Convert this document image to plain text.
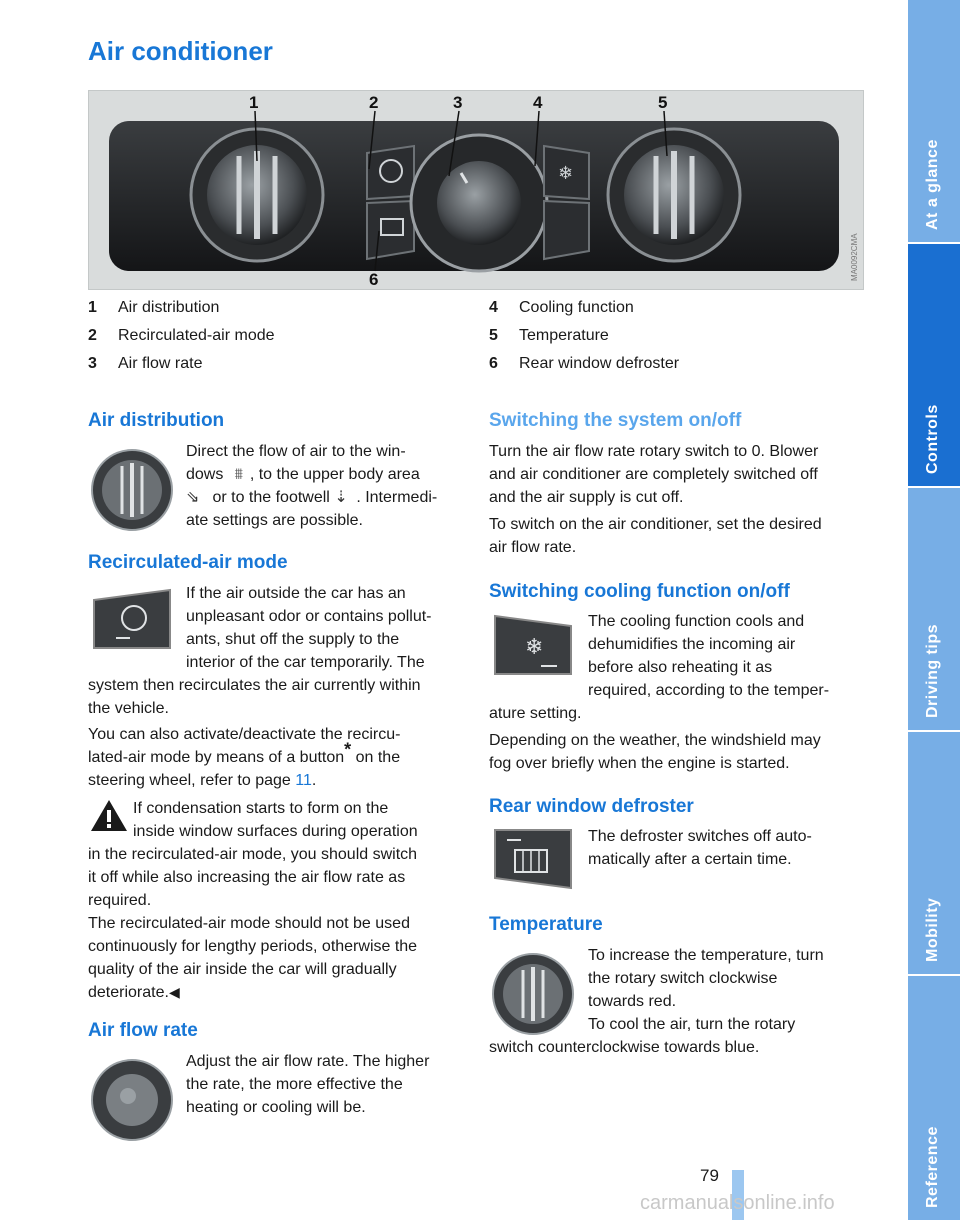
Air conditioner
❄
1	2	3	4	5
6	MA0092CMA
1 Air distribution
2 Recirculated-air mode
3 Air flow rate
4 Cooling function
5 Temperature
6 Rear window defroster
Air distribution

Direct the flow of air to the win-

dows ⩩ , to the upper body area

⇘ or to the footwell ⇣ . Intermedi-

ate settings are possible.

Recirculated-air mode

If the air outside the car has an

unpleasant odor or contains pollut-

ants, shut off the supply to the

interior of the car temporarily. The

system then recirculates the air currently within

the vehicle.

You can also activate/deactivate the recircu-

lated-air mode by means of a button* on the

steering wheel, refer to page 11.

If condensation starts to form on the

inside window surfaces during operation

in the recirculated-air mode, you should switch

it off while also increasing the air flow rate as

required.

The recirculated-air mode should not be used

continuously for lengthy periods, otherwise the

quality of the air inside the car will gradually

deteriorate.◀

Air flow rate

Adjust the air flow rate. The higher

the rate, the more effective the

heating or cooling will be.

Switching the system on/off

Turn the air flow rate rotary switch to 0. Blower

and air conditioner are completely switched off

and the air supply is cut off.

To switch on the air conditioner, set the desired

air flow rate.

Switching cooling function on/off
❄

The cooling function cools and

dehumidifies the incoming air

before also reheating it as

required, according to the temper-

ature setting.

Depending on the weather, the windshield may

fog over briefly when the engine is started.

Rear window defroster

The defroster switches off auto-

matically after a certain time.

Temperature

To increase the temperature, turn

the rotary switch clockwise

towards red.

To cool the air, turn the rotary

switch counterclockwise towards blue.

At a glance
Controls
Driving tips
Mobility
Reference
79
carmanualsonline.info
